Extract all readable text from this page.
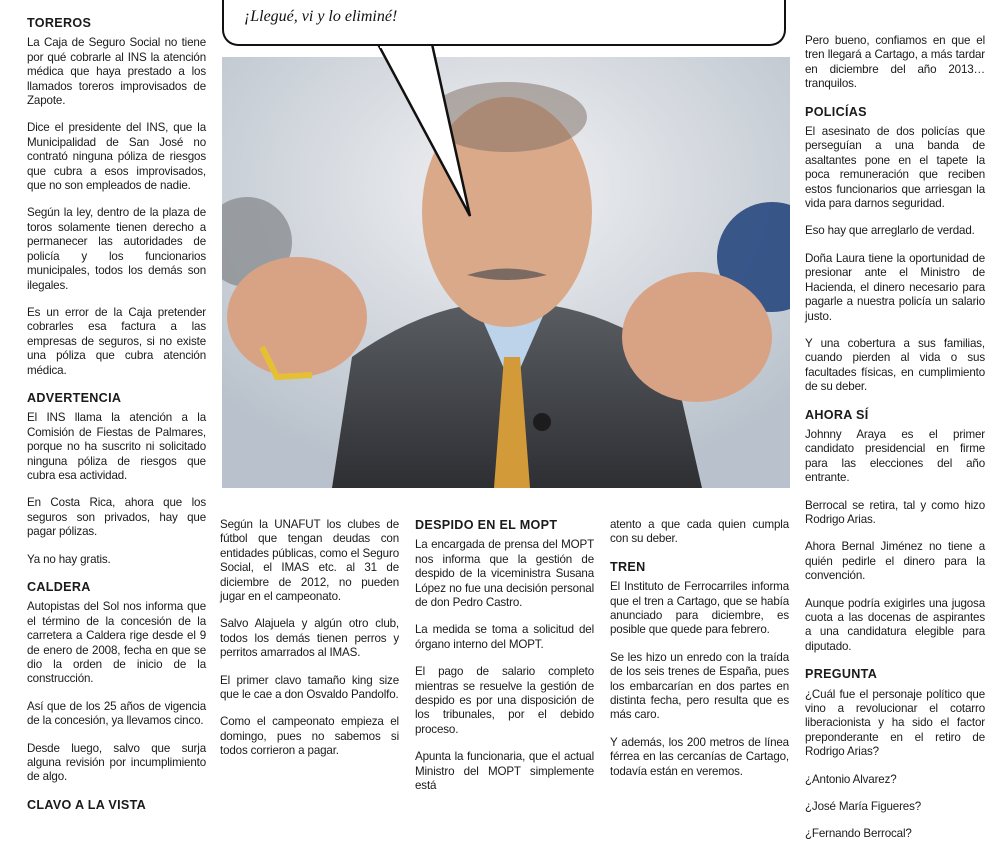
TOREROS

La Caja de Seguro Social no tiene por qué cobrarle al INS la atención médica que haya prestado a los llamados toreros improvisados de Zapote.

Dice el presidente del INS, que la Municipalidad de San José no contrató ninguna póliza de riesgos que cubra a esos improvisados, que no son empleados de nadie.

Según la ley, dentro de la plaza de toros solamente tienen derecho a permanecer las autoridades de policía y los funcionarios municipales, todos los demás son ilegales.

Es un error de la Caja pretender cobrarles esa factura a las empresas de seguros, si no existe una póliza que cubra atención médica.

ADVERTENCIA

El INS llama la atención a la Comisión de Fiestas de Palmares, porque no ha suscrito ni solicitado ninguna póliza de riesgos que cubra esa actividad.

En Costa Rica, ahora que los seguros son privados, hay que pagar pólizas.

Ya no hay gratis.

CALDERA

Autopistas del Sol nos informa que el término de la concesión de la carretera a Caldera rige desde el 9 de enero de 2008, fecha en que se dio la orden de inicio de la construcción.

Así que de los 25 años de vigencia de la concesión, ya llevamos cinco.

Desde luego, salvo que surja alguna revisión por incumplimiento de algo.

CLAVO A LA VISTA

Según la UNAFUT los clubes de fútbol que tengan deudas con entidades públicas, como el Seguro Social, el IMAS etc. al 31 de diciembre de 2012, no pueden jugar en el campeonato.

Salvo Alajuela y algún otro club, todos los demás tienen perros y perritos amarrados al IMAS.

El primer clavo tamaño king size que le cae a don Osvaldo Pandolfo.

Como el campeonato empieza el domingo, pues no sabemos si todos corrieron a pagar.

DESPIDO EN EL MOPT

La encargada de prensa del MOPT nos informa que la gestión de despido de la viceministra Susana López no fue una decisión personal de don Pedro Castro.

La medida se toma a solicitud del órgano interno del MOPT.

El pago de salario completo mientras se resuelve la gestión de despido es por una disposición de los tribunales, por el debido proceso.

Apunta la funcionaria, que el actual Ministro del MOPT simplemente está

atento a que cada quien cumpla con su deber.

TREN

El Instituto de Ferrocarriles informa que el tren a Cartago, que se había anunciado para diciembre, es posible que quede para febrero.

Se les hizo un enredo con la traída de los seis trenes de España, pues los embarcarían en dos partes en distinta fecha, pero resulta que es más caro.

Y además, los 200 metros de línea férrea en las cercanías de Cartago, todavía están en veremos.

Pero bueno, confiamos en que el tren llegará a Cartago, a más tardar en diciembre del año 2013… tranquilos.

POLICÍAS

El asesinato de dos policías que perseguían a una banda de asaltantes pone en el tapete la poca remuneración que reciben estos funcionarios que arriesgan la vida para darnos seguridad.

Eso hay que arreglarlo de verdad.

Doña Laura tiene la oportunidad de presionar ante el Ministro de Hacienda, el dinero necesario para pagarle a nuestra policía un salario justo.

Y una cobertura a sus familias, cuando pierden al vida o sus facultades físicas, en cumplimiento de su deber.

AHORA SÍ

Johnny Araya es el primer candidato presidencial en firme para las elecciones del año entrante.

Berrocal se retira, tal y como hizo Rodrigo Arias.

Ahora Bernal Jiménez no tiene a quién pedirle el dinero para la convención.

Aunque podría exigirles una jugosa cuota a las docenas de aspirantes a una candidatura elegible para diputado.

PREGUNTA

¿Cuál fue el personaje político que vino a revolucionar el cotarro liberacionista y ha sido el factor preponderante en el retiro de Rodrigo Arias?

¿Antonio Alvarez?

¿José María Figueres?

¿Fernando Berrocal?

¡Llegué, vi y lo eliminé!
